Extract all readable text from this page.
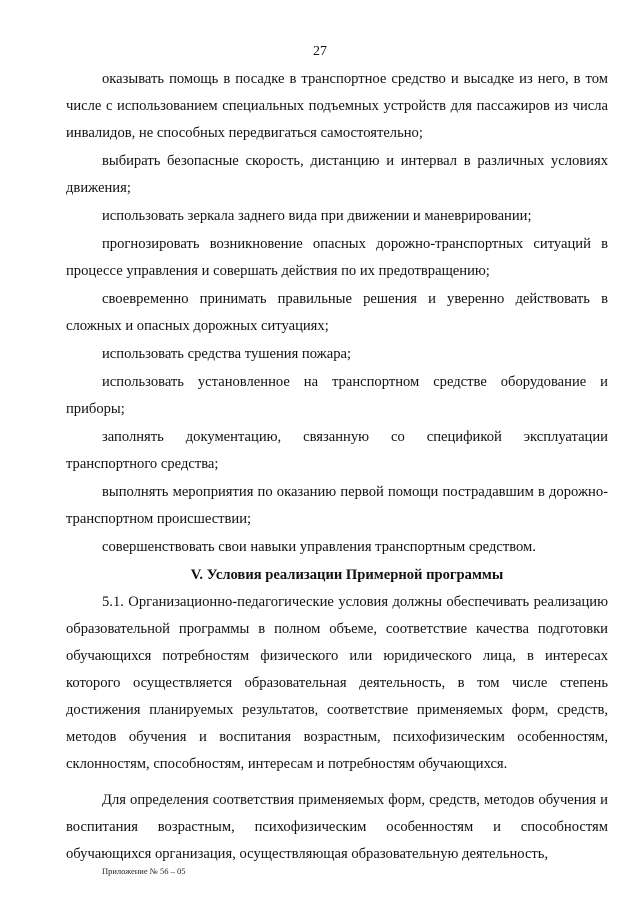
27

оказывать помощь в посадке в транспортное средство и высадке из него, в том числе с использованием специальных подъемных устройств для пассажиров из числа инвалидов, не способных передвигаться самостоятельно;

выбирать безопасные скорость, дистанцию и интервал в различных условиях движения;

использовать зеркала заднего вида при движении и маневрировании;

прогнозировать возникновение опасных дорожно-транспортных ситуаций в процессе управления и совершать действия по их предотвращению;

своевременно принимать правильные решения и уверенно действовать в сложных и опасных дорожных ситуациях;

использовать средства тушения пожара;

использовать установленное на транспортном средстве оборудование и приборы;

заполнять документацию, связанную со спецификой эксплуатации транспортного средства;

выполнять мероприятия по оказанию первой помощи пострадавшим в дорожно-транспортном происшествии;

совершенствовать свои навыки управления транспортным средством.

V. Условия реализации Примерной программы

5.1. Организационно-педагогические условия должны обеспечивать реализацию образовательной программы в полном объеме, соответствие качества подготовки обучающихся потребностям физического или юридического лица, в интересах которого осуществляется образовательная деятельность, в том числе степень достижения планируемых результатов, соответствие применяемых форм, средств, методов обучения и воспитания возрастным, психофизическим особенностям, склонностям, способностям, интересам и потребностям обучающихся.

Для определения соответствия применяемых форм, средств, методов обучения и воспитания возрастным, психофизическим особенностям и способностям обучающихся организация, осуществляющая образовательную деятельность,

Приложение № 56 – 05
